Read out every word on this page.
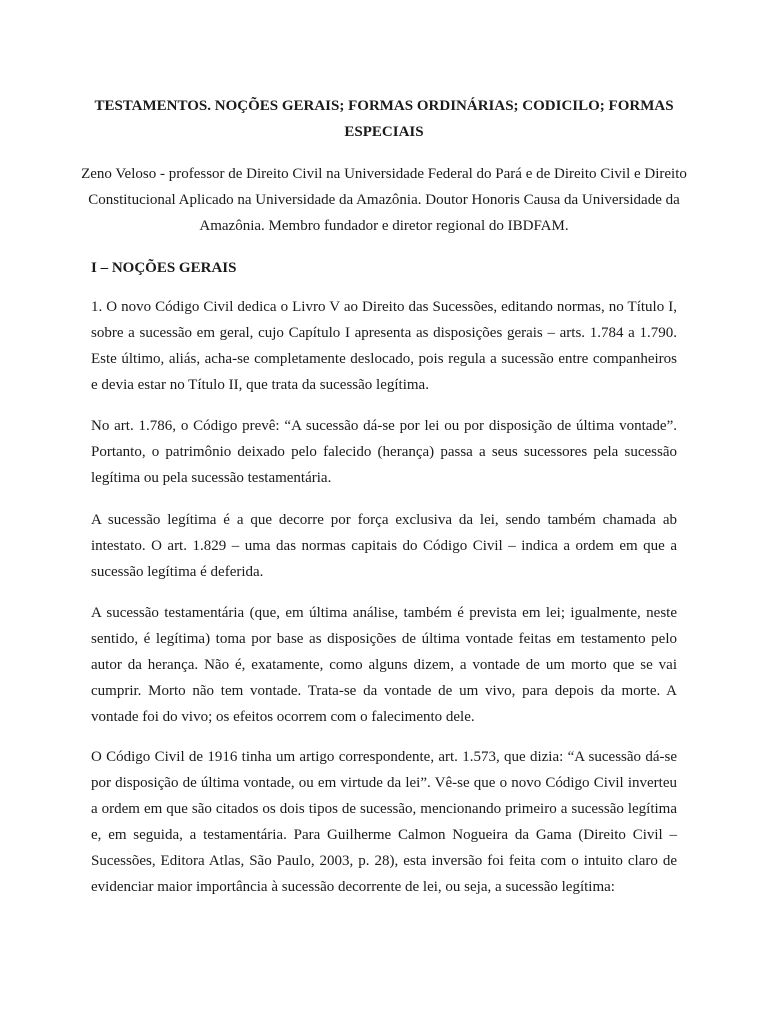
TESTAMENTOS. NOÇÕES GERAIS; FORMAS ORDINÁRIAS; CODICILO; FORMAS ESPECIAIS

Zeno Veloso - professor de Direito Civil na Universidade Federal do Pará e de Direito Civil e Direito Constitucional Aplicado na Universidade da Amazônia. Doutor Honoris Causa da Universidade da Amazônia. Membro fundador e diretor regional do IBDFAM.

I – NOÇÕES GERAIS

1. O novo Código Civil dedica o Livro V ao Direito das Sucessões, editando normas, no Título I, sobre a sucessão em geral, cujo Capítulo I apresenta as disposições gerais – arts. 1.784 a 1.790. Este último, aliás, acha-se completamente deslocado, pois regula a sucessão entre companheiros e devia estar no Título II, que trata da sucessão legítima.

No art. 1.786, o Código prevê: “A sucessão dá-se por lei ou por disposição de última vontade”. Portanto, o patrimônio deixado pelo falecido (herança) passa a seus sucessores pela sucessão legítima ou pela sucessão testamentária.

A sucessão legítima é a que decorre por força exclusiva da lei, sendo também chamada ab intestato. O art. 1.829 – uma das normas capitais do Código Civil – indica a ordem em que a sucessão legítima é deferida.

A sucessão testamentária (que, em última análise, também é prevista em lei; igualmente, neste sentido, é legítima) toma por base as disposições de última vontade feitas em testamento pelo autor da herança. Não é, exatamente, como alguns dizem, a vontade de um morto que se vai cumprir. Morto não tem vontade. Trata-se da vontade de um vivo, para depois da morte. A vontade foi do vivo; os efeitos ocorrem com o falecimento dele.

O Código Civil de 1916 tinha um artigo correspondente, art. 1.573, que dizia: “A sucessão dá-se por disposição de última vontade, ou em virtude da lei”. Vê-se que o novo Código Civil inverteu a ordem em que são citados os dois tipos de sucessão, mencionando primeiro a sucessão legítima e, em seguida, a testamentária. Para Guilherme Calmon Nogueira da Gama (Direito Civil – Sucessões, Editora Atlas, São Paulo, 2003, p. 28), esta inversão foi feita com o intuito claro de evidenciar maior importância à sucessão decorrente de lei, ou seja, a sucessão legítima:
